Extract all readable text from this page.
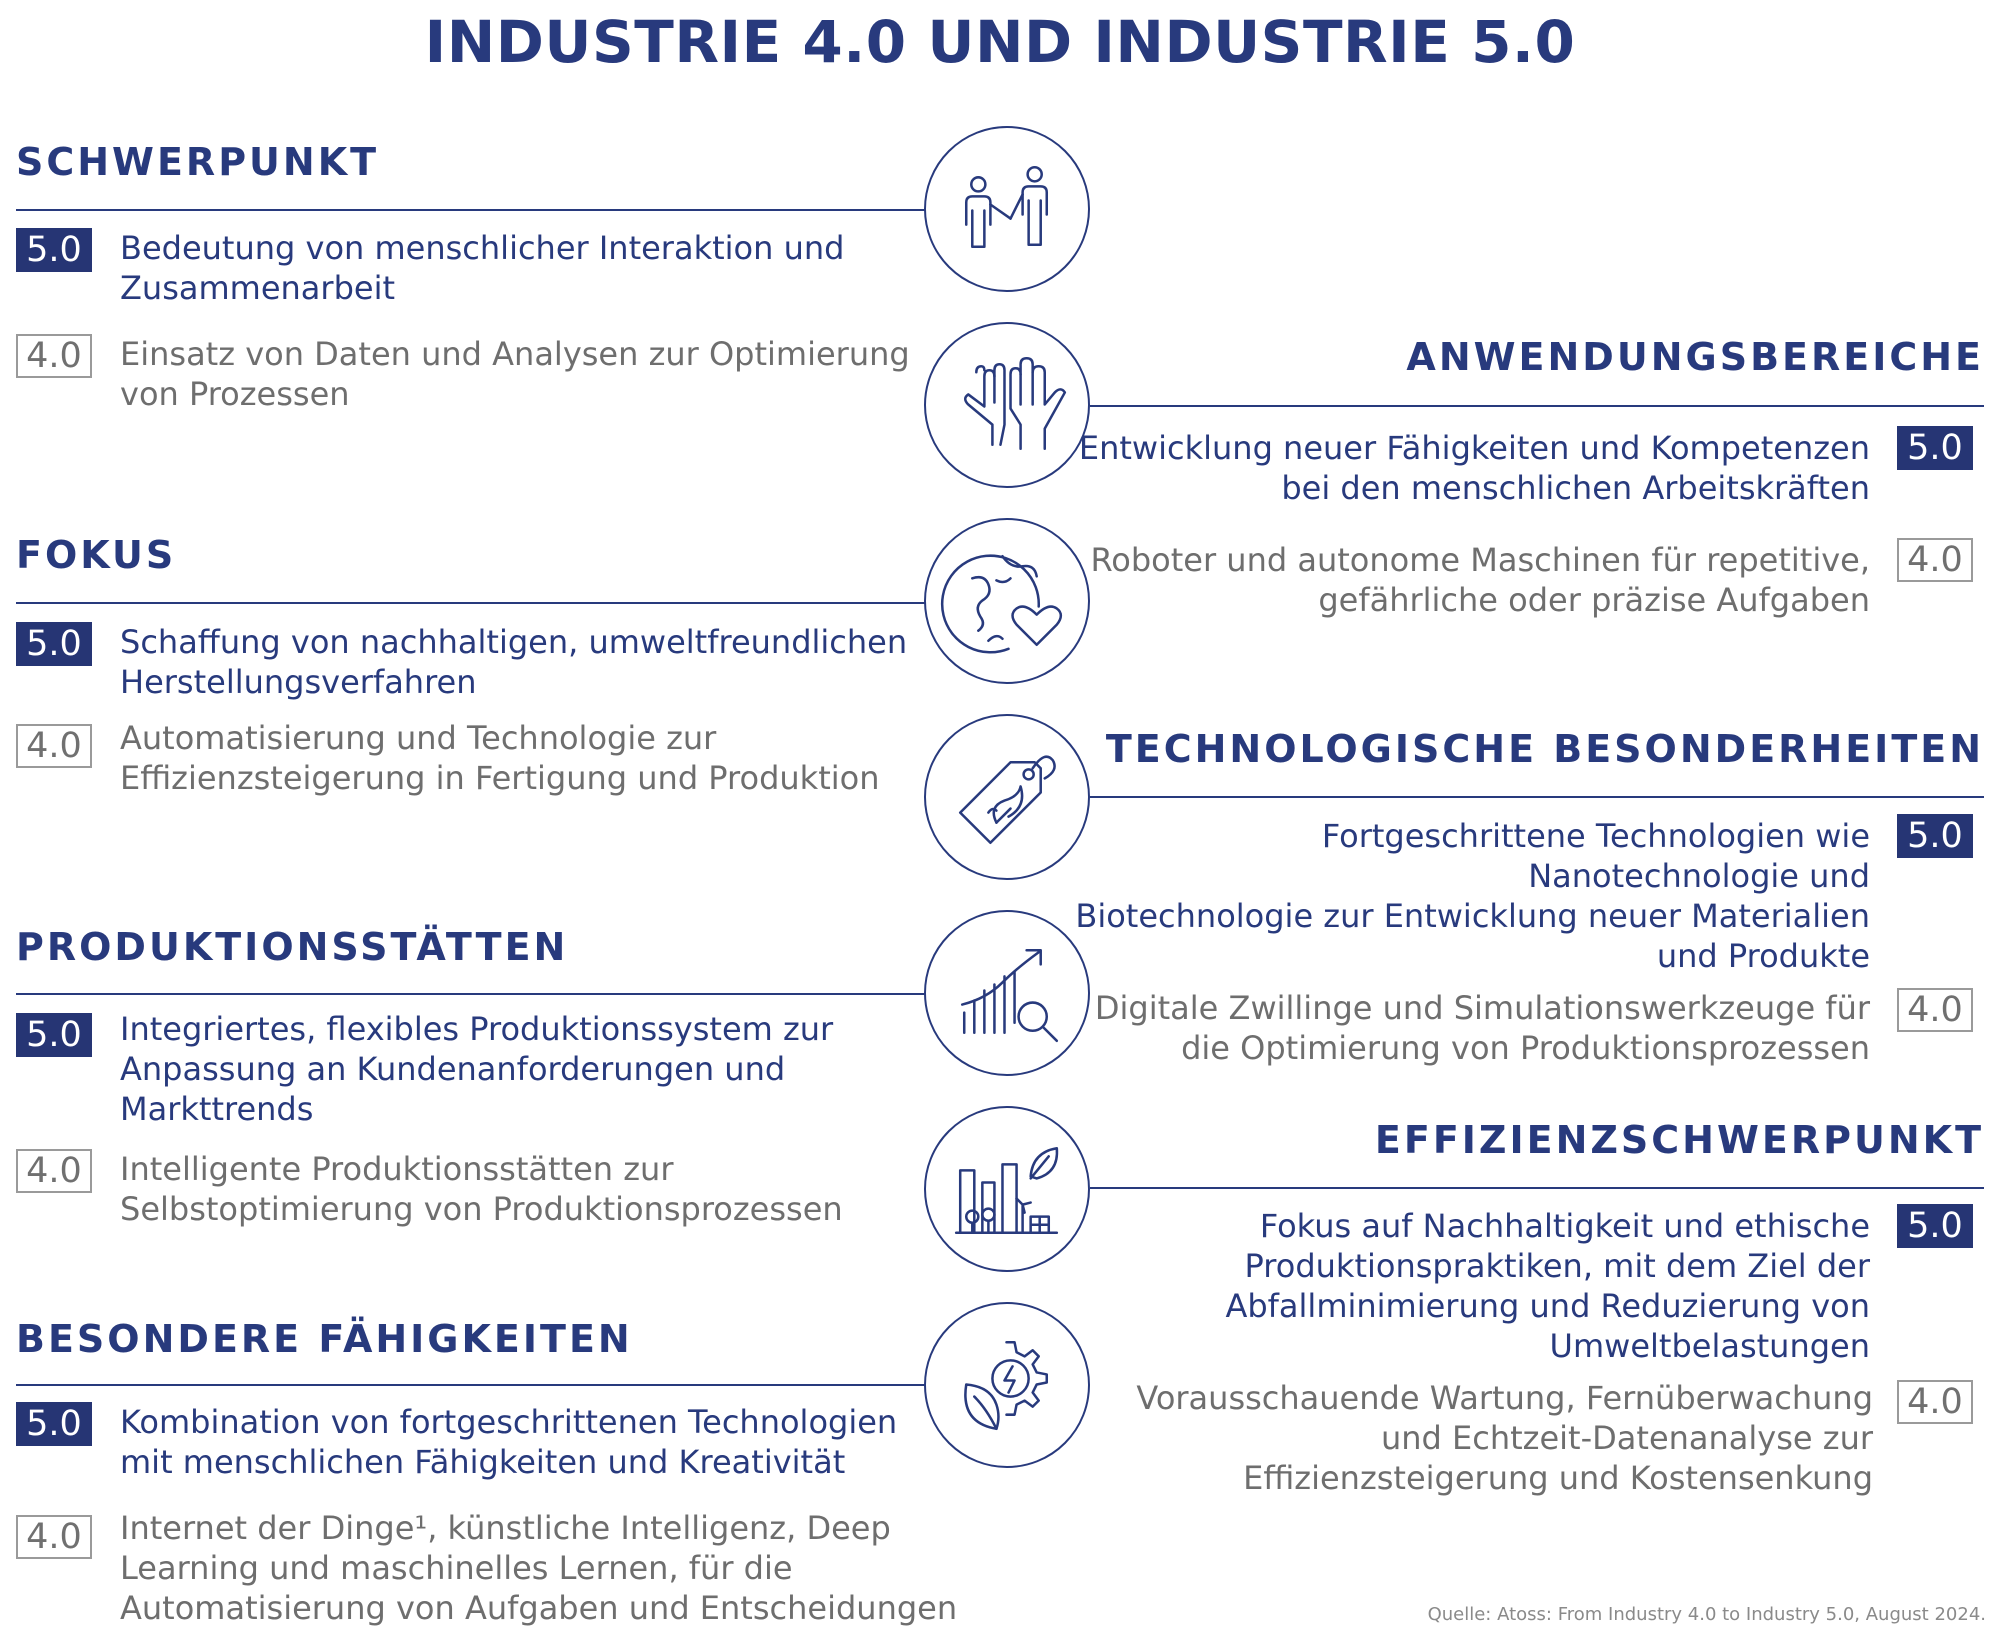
INDUSTRIE 4.0 UND INDUSTRIE 5.0
SCHWERPUNKT
5.0	Bedeutung von menschlicher Interaktion und
Zusammenarbeit
4.0	Einsatz von Daten und Analysen zur Optimierung
von Prozessen
FOKUS
5.0	Schaffung von nachhaltigen, umweltfreundlichen
Herstellungsverfahren
4.0	Automatisierung und Technologie zur
Effizienzsteigerung in Fertigung und Produktion
PRODUKTIONSSTÄTTEN
5.0	Integriertes, flexibles Produktionssystem zur
Anpassung an Kundenanforderungen und
Markttrends
4.0	Intelligente Produktionsstätten zur
Selbstoptimierung von Produktionsprozessen
BESONDERE FÄHIGKEITEN
5.0	Kombination von fortgeschrittenen Technologien
mit menschlichen Fähigkeiten und Kreativität
4.0	Internet der Dinge¹, künstliche Intelligenz, Deep
Learning und maschinelles Lernen, für die
Automatisierung von Aufgaben und Entscheidungen
ANWENDUNGSBEREICHE
Entwicklung neuer Fähigkeiten und Kompetenzen
bei den menschlichen Arbeitskräften
5.0
Roboter und autonome Maschinen für repetitive,
gefährliche oder präzise Aufgaben
4.0
TECHNOLOGISCHE BESONDERHEITEN
Fortgeschrittene Technologien wie
Nanotechnologie und
Biotechnologie zur Entwicklung neuer Materialien
und Produkte
5.0
Digitale Zwillinge und Simulationswerkzeuge für
die Optimierung von Produktionsprozessen
4.0
EFFIZIENZSCHWERPUNKT
Fokus auf Nachhaltigkeit und ethische
Produktionspraktiken, mit dem Ziel der
Abfallminimierung und Reduzierung von
Umweltbelastungen
5.0
Vorausschauende Wartung, Fernüberwachung
und Echtzeit-Datenanalyse zur
Effizienzsteigerung und Kostensenkung
4.0
Quelle: Atoss: From Industry 4.0 to Industry 5.0, August 2024.
